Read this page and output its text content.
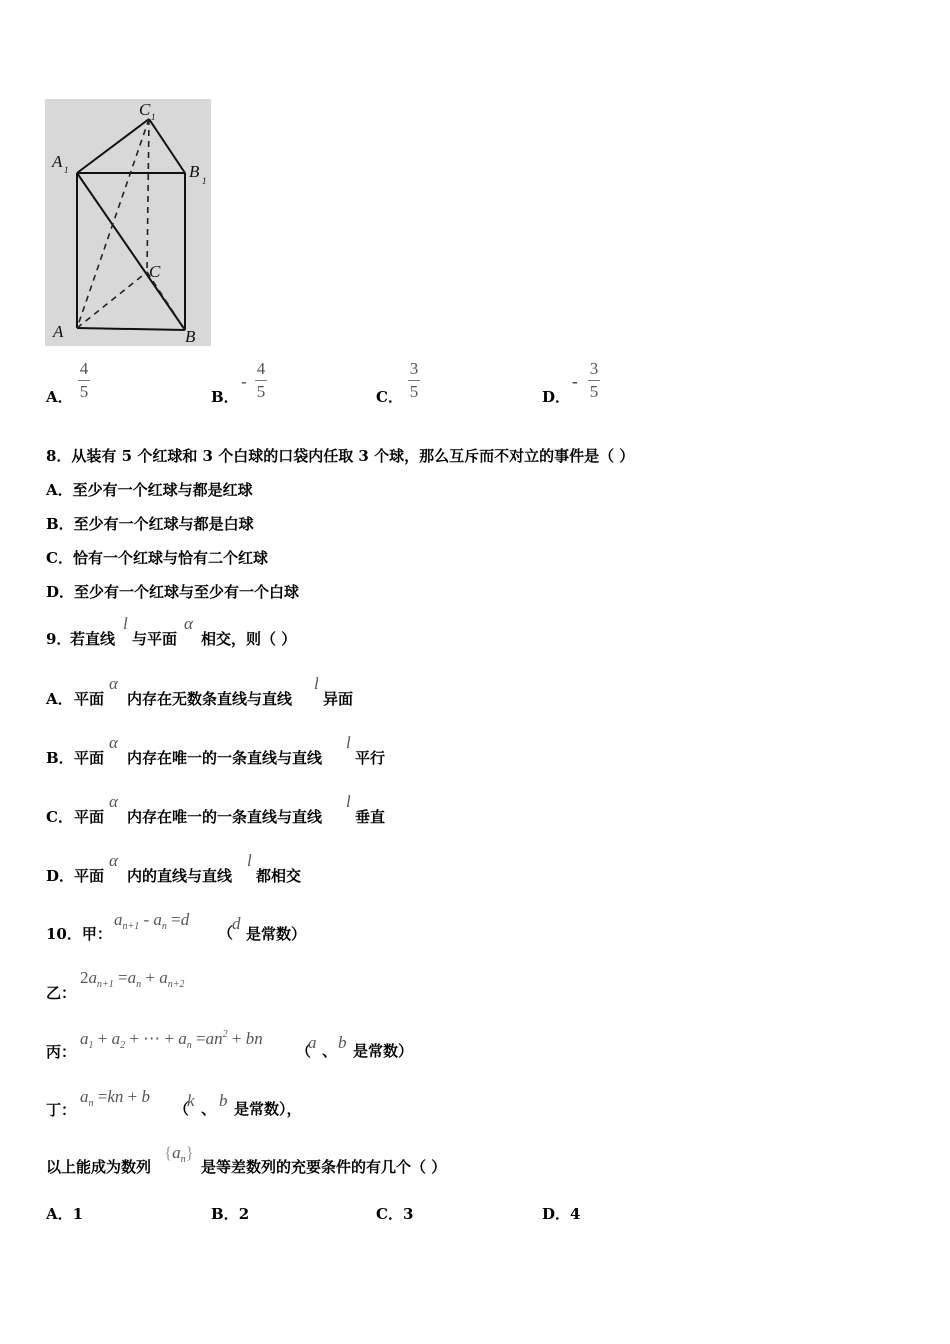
C 1
A 1	B 1
C
A	B
A．
4
5	B．
-
4
5	C．
3
5	D．
-
3
5
8．从装有 5 个红球和 3 个白球的口袋内任取 3 个球，那么互斥而不对立的事件是（ ）
A．至少有一个红球与都是红球
B．至少有一个红球与都是白球
C．恰有一个红球与恰有二个红球
D．至少有一个红球与至少有一个白球
9．
若直线
l
与平面
α
相交，则（ ）
A． 平面
α
内存在无数条直线与直线
l
异面
B． 平面
α
内存在唯一的一条直线与直线
l
平行
C． 平面
α
内存在唯一的一条直线与直线
l
垂直
D． 平面
α
内的直线与直线
l
都相交
10．甲：
$a_{n+1} - a_n =d$
（
d
是常数）
乙：
$2a_{n+1} =a_n + a_{n+2}$
丙：
$a_1 + a_2$ + ⋯ + $a_n =an^2$ + bn
（
a 、 b 是常数）
丁：
$a_n =kn + b$
（
k 、 b 是常数），
以上能成为数列
$\{a_n\}$
是等差数列的充要条件的有几个（ ）
A．1	B．2	C．3	D．4
